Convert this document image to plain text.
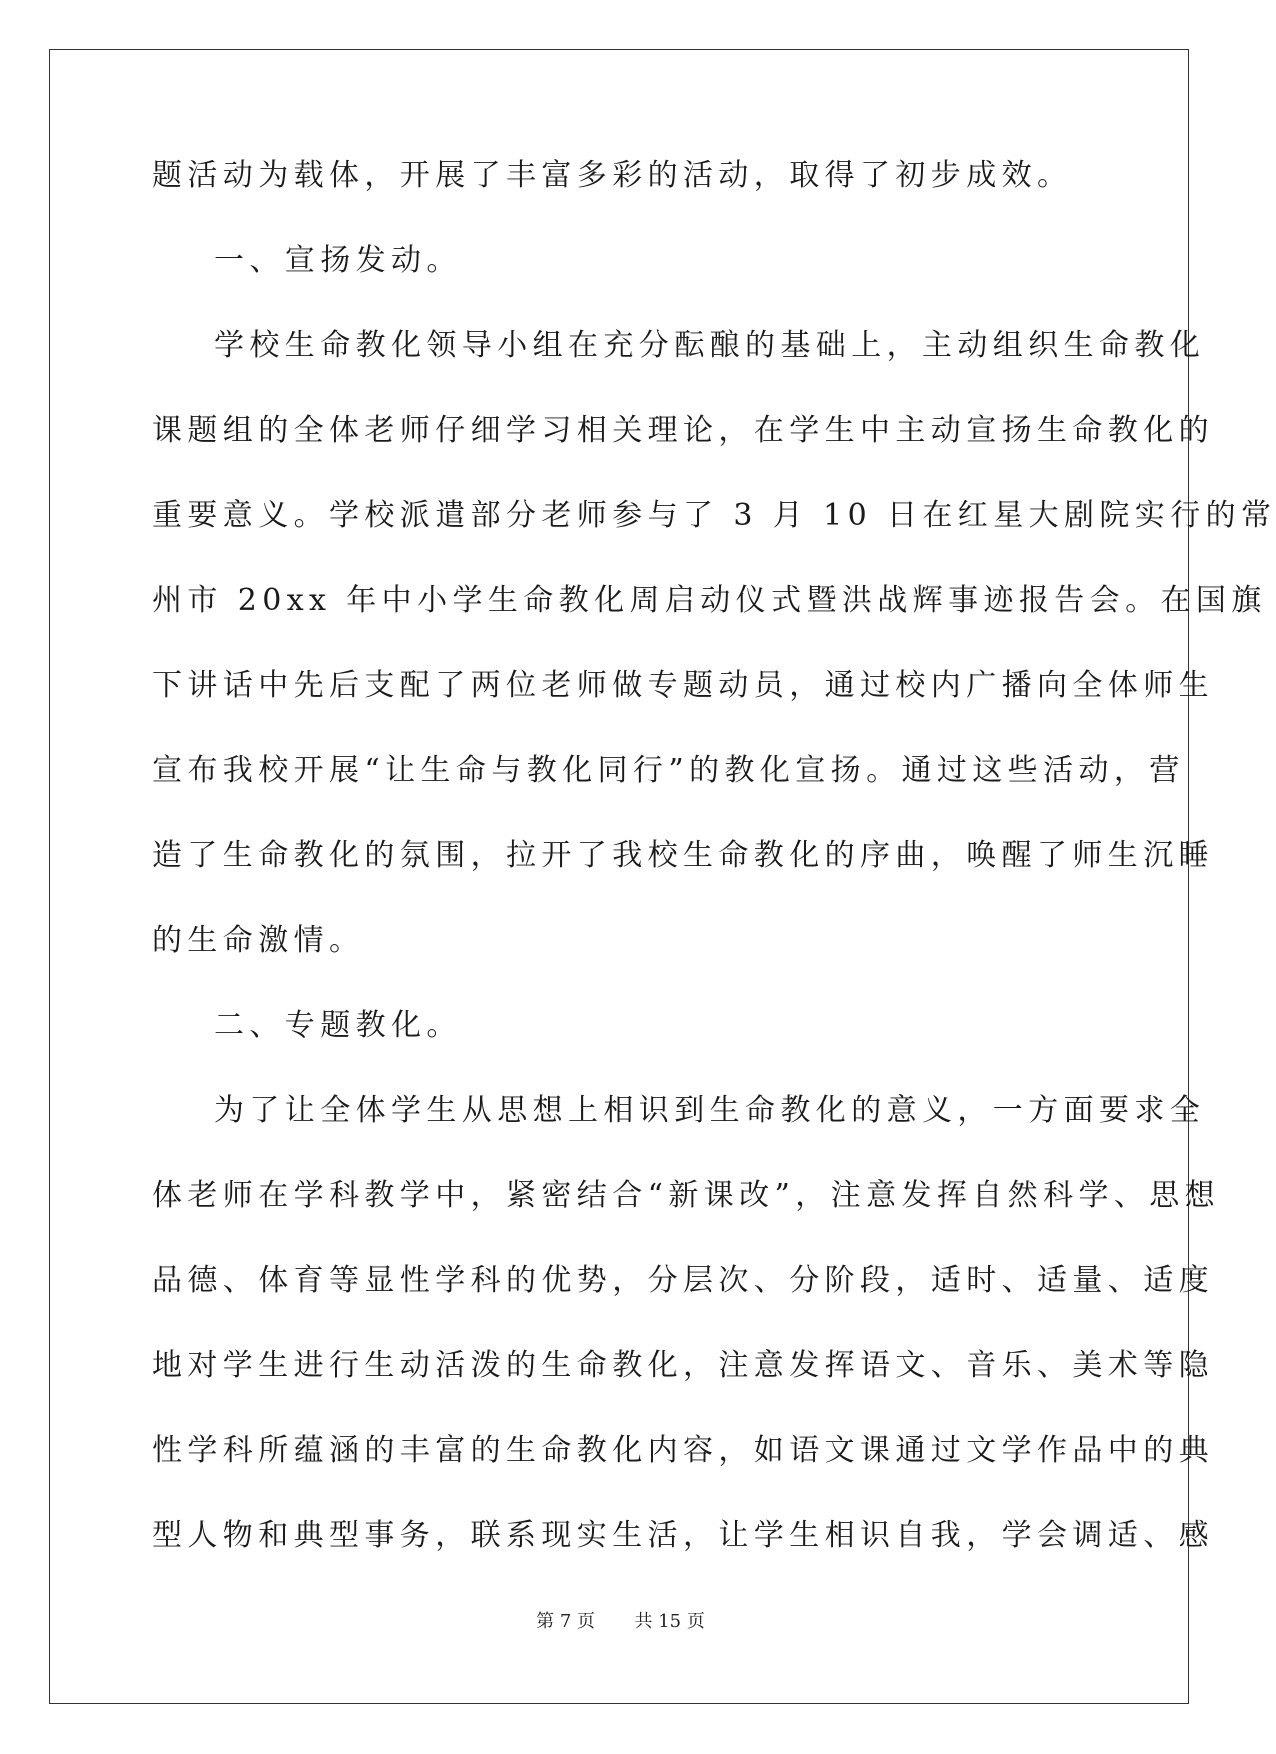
题活动为载体，开展了丰富多彩的活动，取得了初步成效。
一、宣扬发动。
学校生命教化领导小组在充分酝酿的基础上，主动组织生命教化
课题组的全体老师仔细学习相关理论，在学生中主动宣扬生命教化的
重要意义。学校派遣部分老师参与了 3 月 10 日在红星大剧院实行的常
州市 20xx 年中小学生命教化周启动仪式暨洪战辉事迹报告会。在国旗
下讲话中先后支配了两位老师做专题动员，通过校内广播向全体师生
宣布我校开展“让生命与教化同行”的教化宣扬。通过这些活动，营
造了生命教化的氛围，拉开了我校生命教化的序曲，唤醒了师生沉睡
的生命激情。
二、专题教化。
为了让全体学生从思想上相识到生命教化的意义，一方面要求全
体老师在学科教学中，紧密结合“新课改”，注意发挥自然科学、思想
品德、体育等显性学科的优势，分层次、分阶段，适时、适量、适度
地对学生进行生动活泼的生命教化，注意发挥语文、音乐、美术等隐
性学科所蕴涵的丰富的生命教化内容，如语文课通过文学作品中的典
型人物和典型事务，联系现实生活，让学生相识自我，学会调适、感
第 7 页 共 15 页
